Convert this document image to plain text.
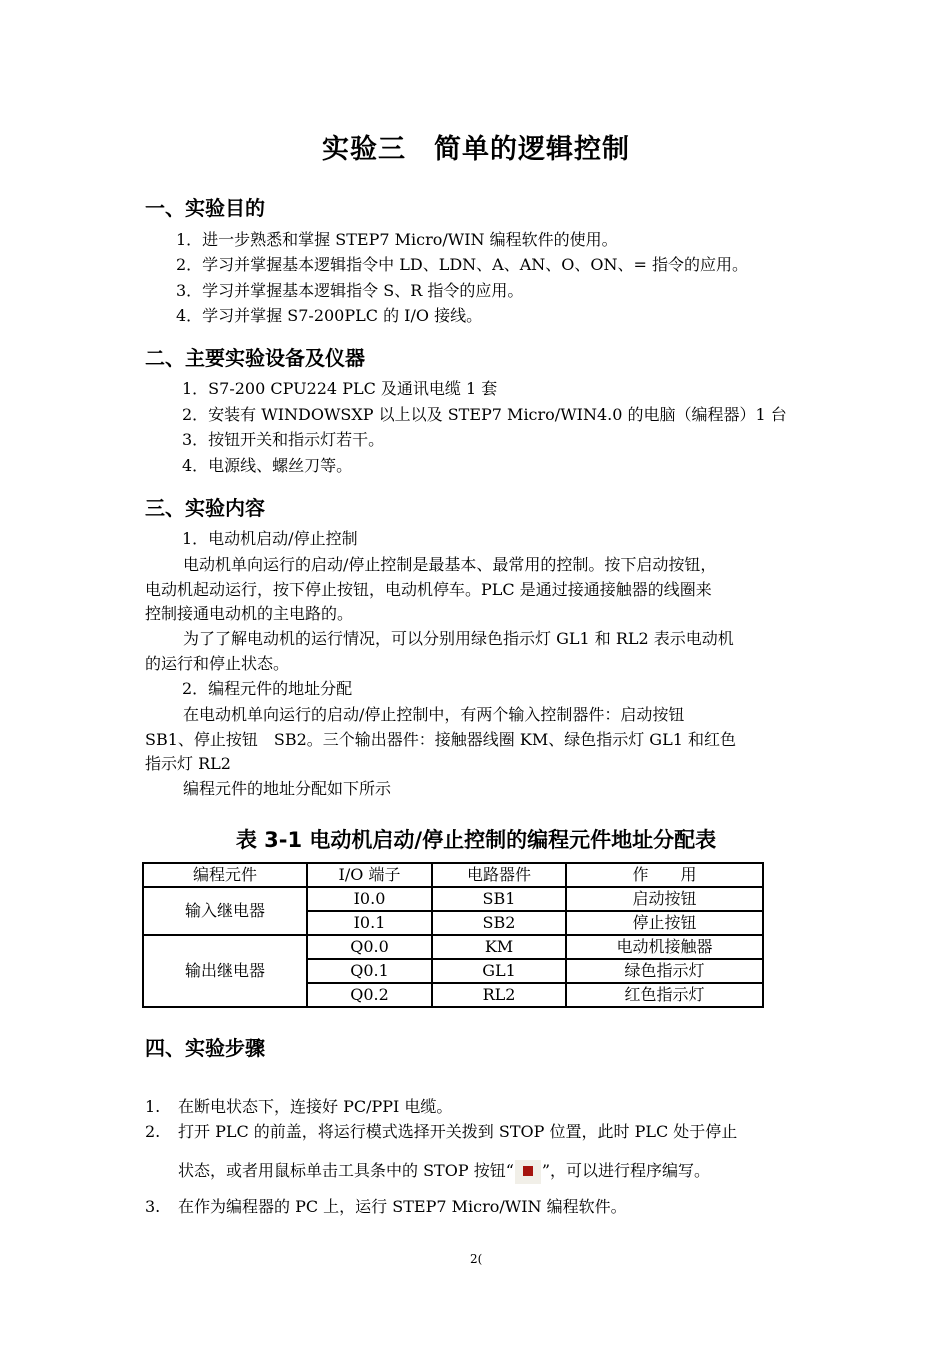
实验三　简单的逻辑控制
一、实验目的
1．进一步熟悉和掌握 STEP7 Micro/WIN 编程软件的使用。
2．学习并掌握基本逻辑指令中 LD、LDN、A、AN、O、ON、= 指令的应用。
3．学习并掌握基本逻辑指令 S、R 指令的应用。
4．学习并掌握 S7-200PLC 的 I/O 接线。
二、主要实验设备及仪器
1．S7-200 CPU224 PLC 及通讯电缆 1 套
2．安装有 WINDOWSXP 以上以及 STEP7 Micro/WIN4.0 的电脑（编程器）1 台
3．按钮开关和指示灯若干。
4．电源线、螺丝刀等。
三、实验内容
1．电动机启动/停止控制
电动机单向运行的启动/停止控制是最基本、最常用的控制。按下启动按钮，
电动机起动运行，按下停止按钮，电动机停车。PLC 是通过接通接触器的线圈来
控制接通电动机的主电路的。
为了了解电动机的运行情况，可以分别用绿色指示灯 GL1 和 RL2 表示电动机
的运行和停止状态。
2．编程元件的地址分配
在电动机单向运行的启动/停止控制中，有两个输入控制器件：启动按钮
SB1、停止按钮　SB2。三个输出器件：接触器线圈 KM、绿色指示灯 GL1 和红色
指示灯 RL2
编程元件的地址分配如下所示
表 3-1 电动机启动/停止控制的编程元件地址分配表
编程元件	I/O 端子	电路器件	作　　用
输入继电器	I0.0	SB1	启动按钮
	I0.1	SB2	停止按钮
输出继电器	Q0.0	KM	电动机接触器
	Q0.1	GL1	绿色指示灯
	Q0.2	RL2	红色指示灯
四、实验步骤
1. 在断电状态下，连接好 PC/PPI 电缆。
2. 打开 PLC 的前盖，将运行模式选择开关拨到 STOP 位置，此时 PLC 处于停止
状态，或者用鼠标单击工具条中的 STOP 按钮“ ”，可以进行程序编写。
3. 在作为编程器的 PC 上，运行 STEP7 Micro/WIN 编程软件。
2(
